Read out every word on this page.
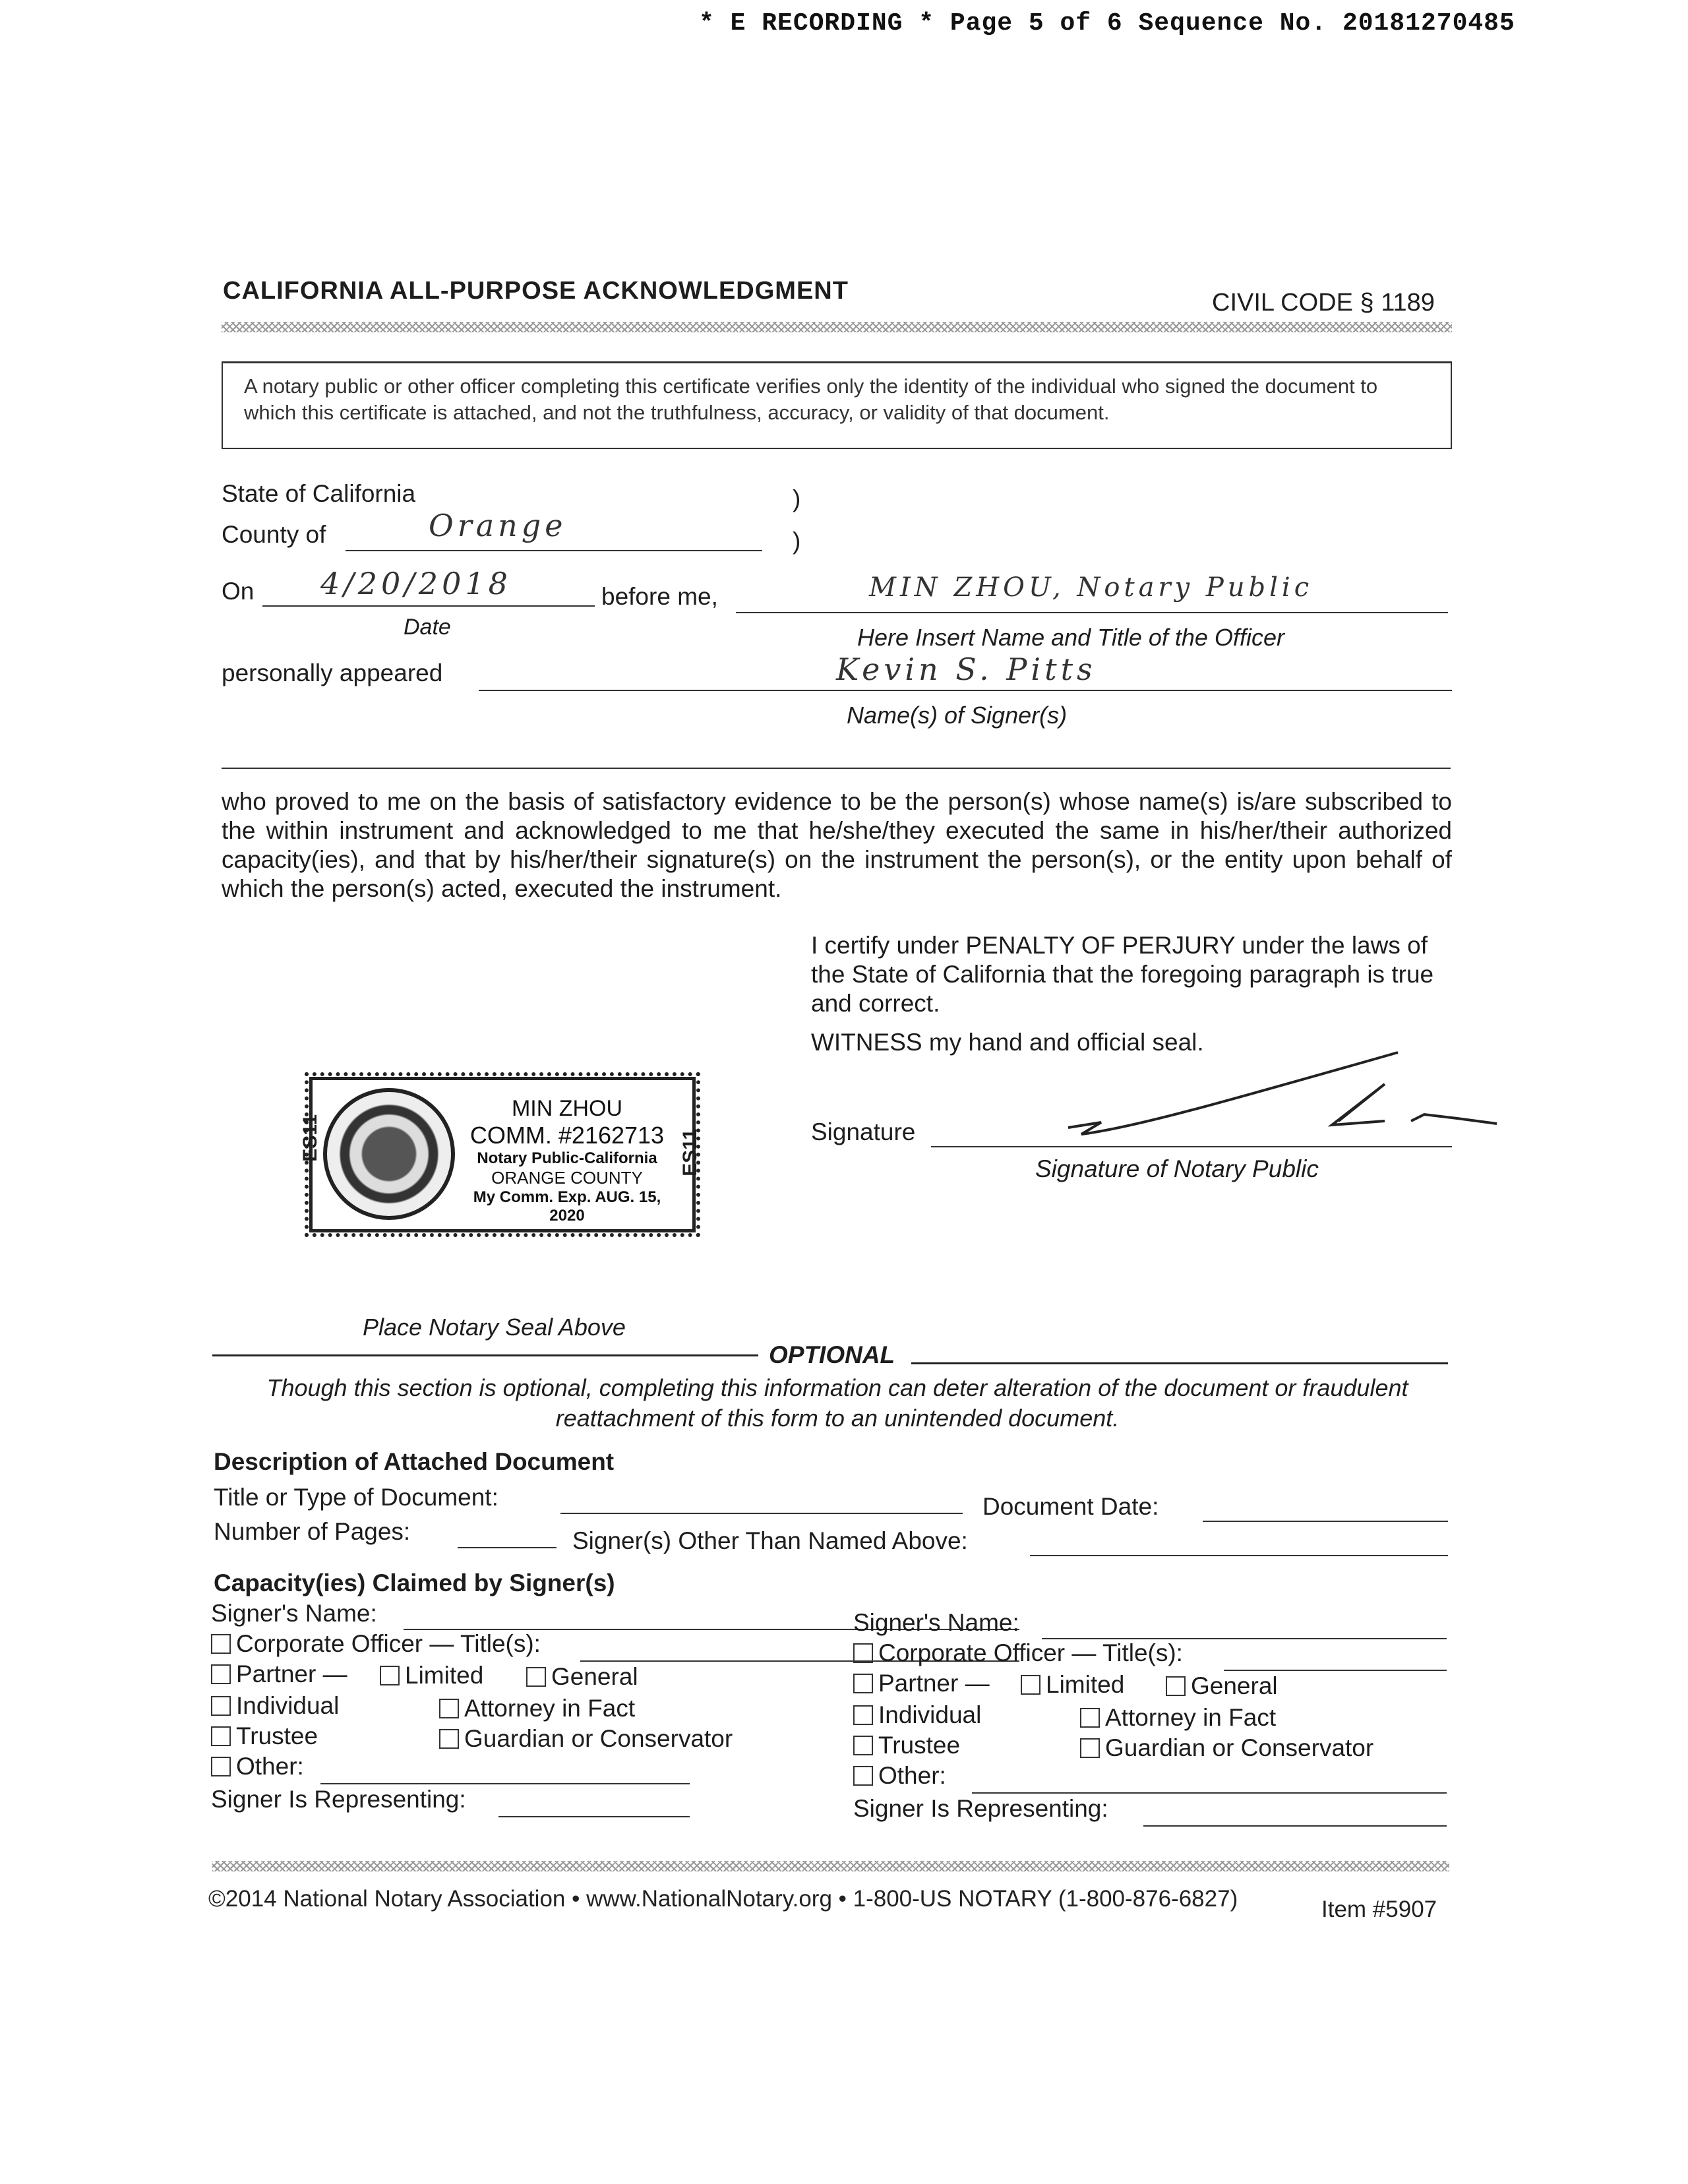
* E RECORDING * Page 5 of 6 Sequence No. 20181270485
CALIFORNIA ALL-PURPOSE ACKNOWLEDGMENT	CIVIL CODE § 1189
A notary public or other officer completing this certificate verifies only the identity of the individual who signed the document to which this certificate is attached, and not the truthfulness, accuracy, or validity of that document.
State of California	)
County of	Orange	)
On 4/20/2018
Date
before me,	MIN ZHOU, Notary Public
Here Insert Name and Title of the Officer
personally appeared	Kevin S. Pitts
Name(s) of Signer(s)
who proved to me on the basis of satisfactory evidence to be the person(s) whose name(s) is/are subscribed to the within instrument and acknowledged to me that he/she/they executed the same in his/her/their authorized capacity(ies), and that by his/her/their signature(s) on the instrument the person(s), or the entity upon behalf of which the person(s) acted, executed the instrument.
I certify under PENALTY OF PERJURY under the laws of the State of California that the foregoing paragraph is true and correct.
WITNESS my hand and official seal.
Signature
Signature of Notary Public
MIN ZHOU
COMM. #2162713
Notary Public-California
ORANGE COUNTY
My Comm. Exp. AUG. 15, 2020
ES11	ES11
Place Notary Seal Above
OPTIONAL
Though this section is optional, completing this information can deter alteration of the document or fraudulent reattachment of this form to an unintended document.
Description of Attached Document
Title or Type of Document:	Document Date:
Number of Pages:	Signer(s) Other Than Named Above:
Capacity(ies) Claimed by Signer(s)
Signer's Name:
Corporate Officer — Title(s):
Partner —	Limited	General
Individual	Attorney in Fact
Trustee	Guardian or Conservator
Other:
Signer Is Representing:
Signer's Name:
Corporate Officer — Title(s):
Partner —	Limited	General
Individual	Attorney in Fact
Trustee	Guardian or Conservator
Other:
Signer Is Representing:
©2014 National Notary Association • www.NationalNotary.org • 1-800-US NOTARY (1-800-876-6827)	Item #5907
